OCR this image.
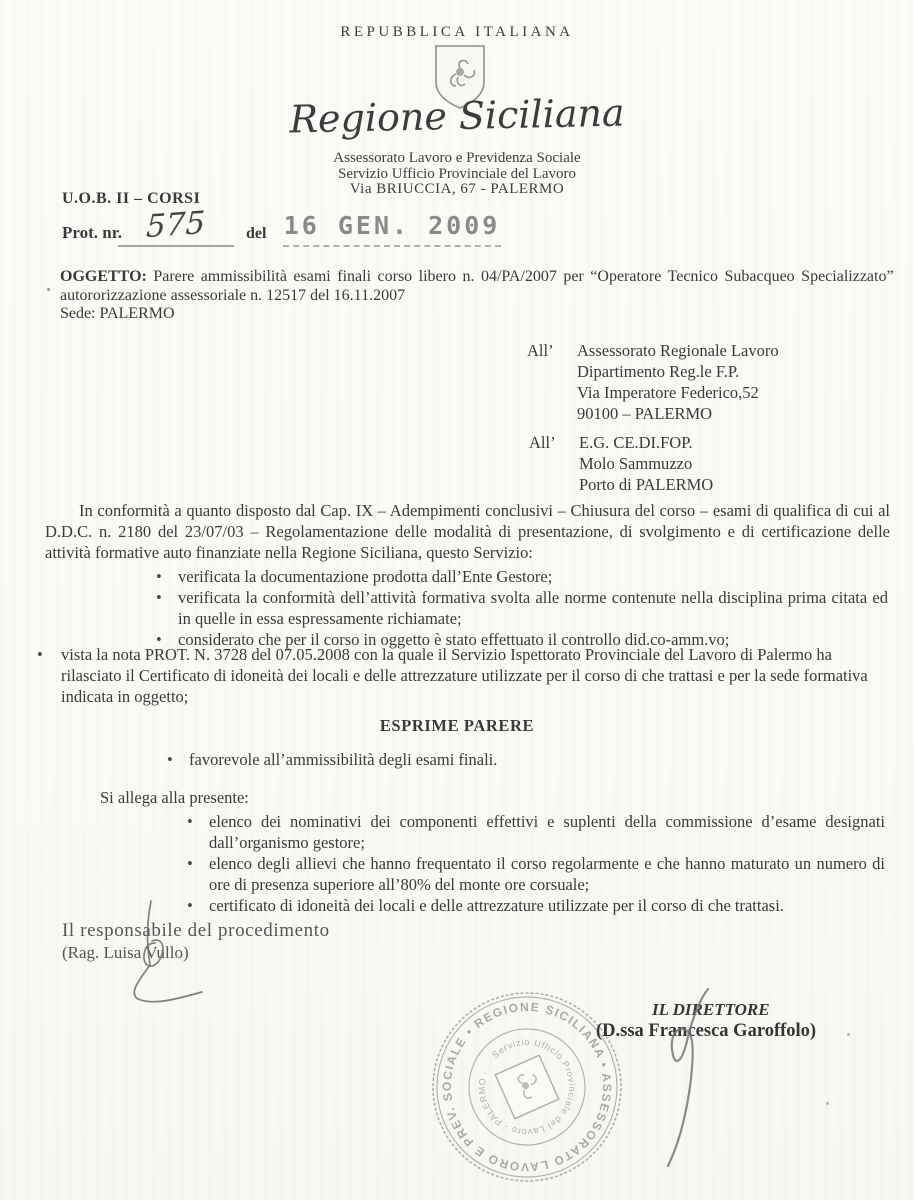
REPUBBLICA ITALIANA
Regione Siciliana
Assessorato Lavoro e Previdenza Sociale
Servizio Ufficio Provinciale del Lavoro
Via BRIUCCIA, 67 - PALERMO
U.O.B. II – CORSI
Prot. nr. 575	del 16 GEN. 2009
OGGETTO: Parere ammissibilità esami finali corso libero n. 04/PA/2007 per “Operatore Tecnico Subacqueo Specializzato”
autororizzazione assessoriale n. 12517 del 16.11.2007
Sede: PALERMO
All’ Assessorato Regionale Lavoro
Dipartimento Reg.le F.P.
Via Imperatore Federico,52
90100 – PALERMO
All’ E.G. CE.DI.FOP.
Molo Sammuzzo
Porto di PALERMO
In conformità a quanto disposto dal Cap. IX – Adempimenti conclusivi – Chiusura del corso – esami di qualifica di cui al D.D.C. n. 2180 del 23/07/03 – Regolamentazione delle modalità di presentazione, di svolgimento e di certificazione delle attività formative auto finanziate nella Regione Siciliana, questo Servizio:
• verificata la documentazione prodotta dall’Ente Gestore;
• verificata la conformità dell’attività formativa svolta alle norme contenute nella disciplina prima citata ed in quelle in essa espressamente richiamate;
• considerato che per il corso in oggetto è stato effettuato il controllo did.co-amm.vo;
• vista la nota PROT. N. 3728 del 07.05.2008 con la quale il Servizio Ispettorato Provinciale del Lavoro di Palermo ha rilasciato il Certificato di idoneità dei locali e delle attrezzature utilizzate per il corso di che trattasi e per la sede formativa indicata in oggetto;
ESPRIME PARERE
• favorevole all’ammissibilità degli esami finali.
Si allega alla presente:
• elenco dei nominativi dei componenti effettivi e suplenti della commissione d’esame designati dall’organismo gestore;
• elenco degli allievi che hanno frequentato il corso regolarmente e che hanno maturato un numero di ore di presenza superiore all’80% del monte ore corsuale;
• certificato di idoneità dei locali e delle attrezzature utilizzate per il corso di che trattasi.
Il responsabile del procedimento
(Rag. Luisa Vullo)
• REGIONE SICILIANA • ASSESSORATO LAVORO E PREV. SOCIALE
Servizio Ufficio Provinciale del Lavoro - PALERMO -
IL DIRETTORE
(D.ssa Francesca Garoffolo)
